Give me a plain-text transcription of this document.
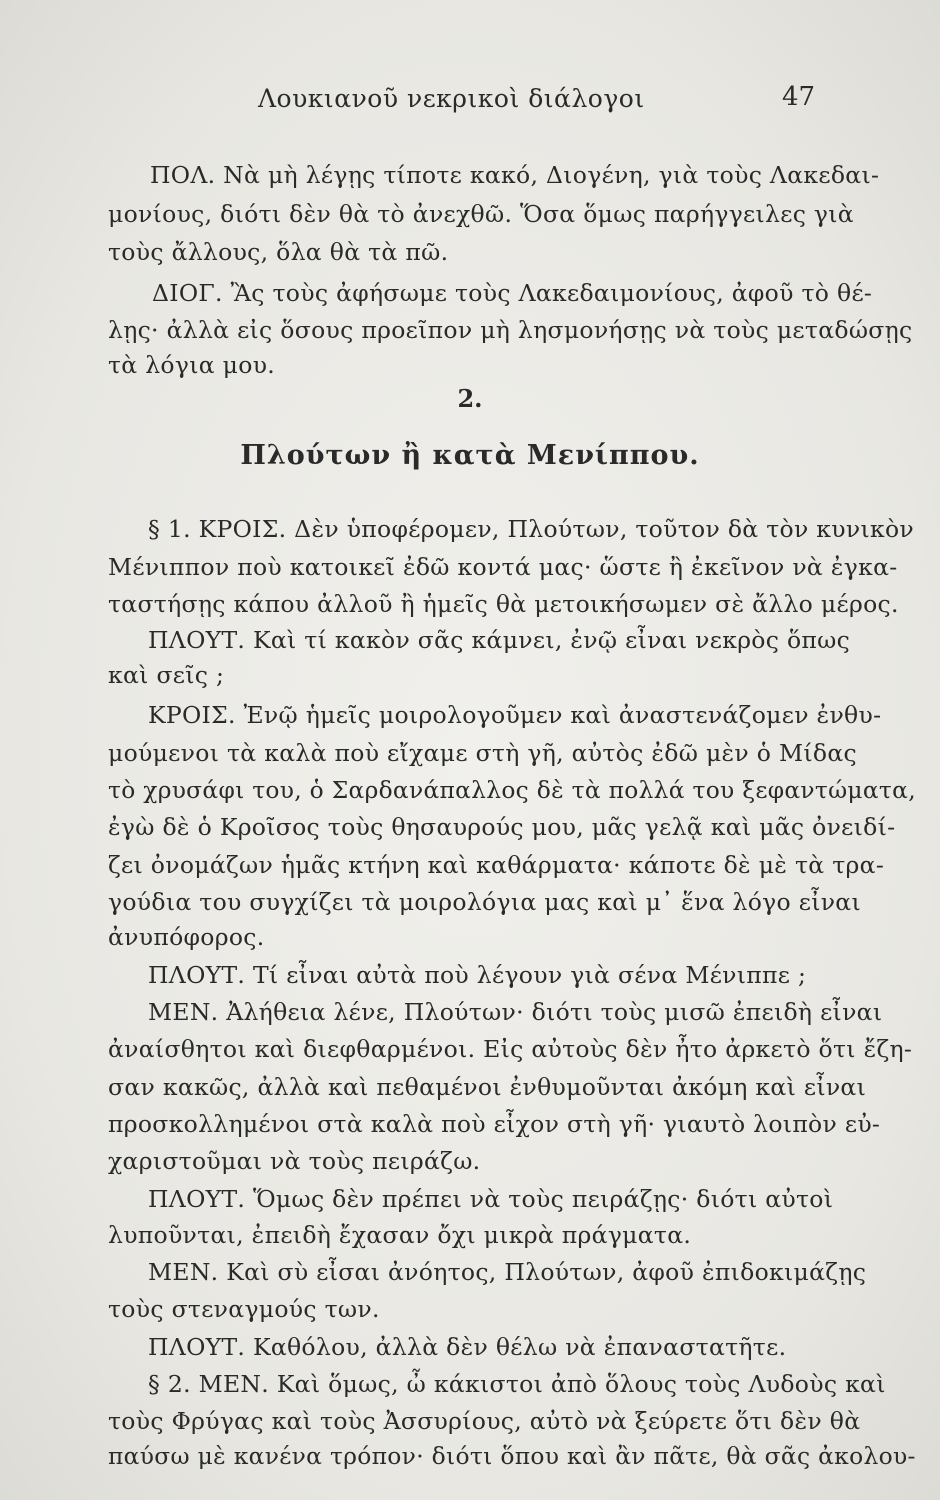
Λουκιανοῦ νεκρικοὶ διάλογοι	47
ΠΟΛ. Νὰ μὴ λέγῃς τίποτε κακό, Διογένη, γιὰ τοὺς Λακεδαι-
μονίους, διότι δὲν θὰ τὸ ἀνεχθῶ. Ὅσα ὅμως παρήγγειλες γιὰ
τοὺς ἄλλους, ὅλα θὰ τὰ πῶ.
ΔΙΟΓ. Ἂς τοὺς ἀφήσωμε τοὺς Λακεδαιμονίους, ἀφοῦ τὸ θέ-
λῃς· ἀλλὰ εἰς ὅσους προεῖπον μὴ λησμονήσῃς νὰ τοὺς μεταδώσῃς
τὰ λόγια μου.
2.
Πλούτων ἢ κατὰ Μενίππου.
§ 1. ΚΡΟΙΣ. Δὲν ὑποφέρομεν, Πλούτων, τοῦτον δὰ τὸν κυνικὸν
Μένιππον ποὺ κατοικεῖ ἐδῶ κοντά μας· ὥστε ἢ ἐκεῖνον νὰ ἐγκα-
ταστήσῃς κάπου ἀλλοῦ ἢ ἡμεῖς θὰ μετοικήσωμεν σὲ ἄλλο μέρος.
ΠΛΟΥΤ. Καὶ τί κακὸν σᾶς κάμνει, ἐνῷ εἶναι νεκρὸς ὅπως
καὶ σεῖς ;
ΚΡΟΙΣ. Ἐνῷ ἡμεῖς μοιρολογοῦμεν καὶ ἀναστενάζομεν ἐνθυ-
μούμενοι τὰ καλὰ ποὺ εἴχαμε στὴ γῆ, αὐτὸς ἐδῶ μὲν ὁ Μίδας
τὸ χρυσάφι του, ὁ Σαρδανάπαλλος δὲ τὰ πολλά του ξεφαντώματα,
ἐγὼ δὲ ὁ Κροῖσος τοὺς θησαυρούς μου, μᾶς γελᾷ καὶ μᾶς ὀνειδί-
ζει ὀνομάζων ἡμᾶς κτήνη καὶ καθάρματα· κάποτε δὲ μὲ τὰ τρα-
γούδια του συγχίζει τὰ μοιρολόγια μας καὶ μ᾽ ἕνα λόγο εἶναι
ἀνυπόφορος.
ΠΛΟΥΤ. Τί εἶναι αὐτὰ ποὺ λέγουν γιὰ σένα Μένιππε ;
ΜΕΝ. Ἀλήθεια λένε, Πλούτων· διότι τοὺς μισῶ ἐπειδὴ εἶναι
ἀναίσθητοι καὶ διεφθαρμένοι. Εἰς αὐτοὺς δὲν ἦτο ἀρκετὸ ὅτι ἔζη-
σαν κακῶς, ἀλλὰ καὶ πεθαμένοι ἐνθυμοῦνται ἀκόμη καὶ εἶναι
προσκολλημένοι στὰ καλὰ ποὺ εἶχον στὴ γῆ· γιαυτὸ λοιπὸν εὐ-
χαριστοῦμαι νὰ τοὺς πειράζω.
ΠΛΟΥΤ. Ὅμως δὲν πρέπει νὰ τοὺς πειράζῃς· διότι αὐτοὶ
λυποῦνται, ἐπειδὴ ἔχασαν ὄχι μικρὰ πράγματα.
ΜΕΝ. Καὶ σὺ εἶσαι ἀνόητος, Πλούτων, ἀφοῦ ἐπιδοκιμάζῃς
τοὺς στεναγμούς των.
ΠΛΟΥΤ. Καθόλου, ἀλλὰ δὲν θέλω νὰ ἐπαναστατῆτε.
§ 2. ΜΕΝ. Καὶ ὅμως, ὦ κάκιστοι ἀπὸ ὅλους τοὺς Λυδοὺς καὶ
τοὺς Φρύγας καὶ τοὺς Ἀσσυρίους, αὐτὸ νὰ ξεύρετε ὅτι δὲν θὰ
παύσω μὲ κανένα τρόπον· διότι ὅπου καὶ ἂν πᾶτε, θὰ σᾶς ἀκολου-
